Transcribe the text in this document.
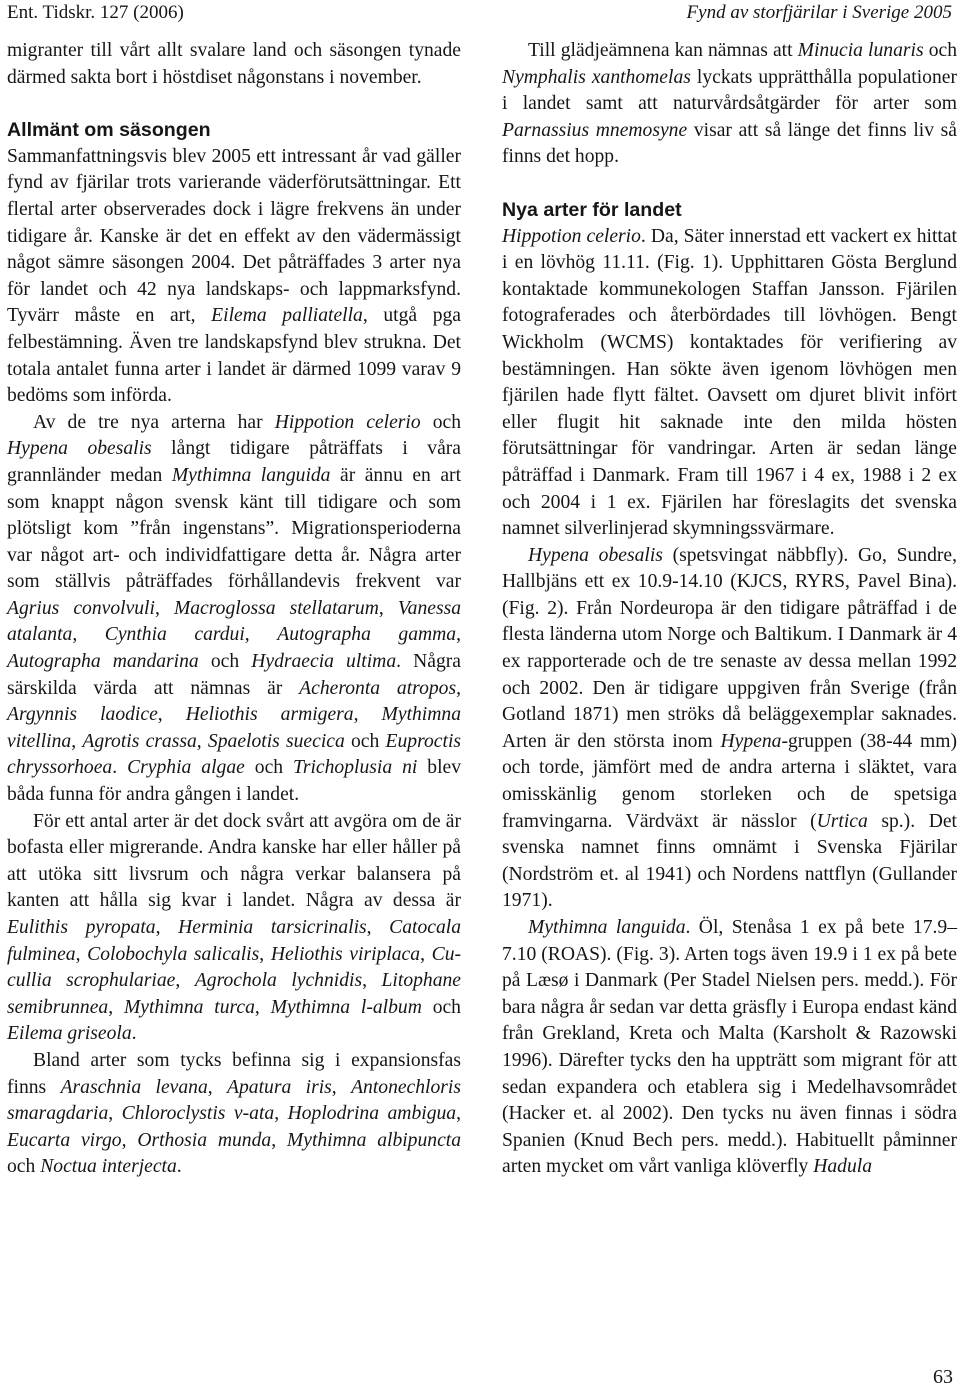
Ent. Tidskr. 127 (2006)	Fynd av storfjärilar i Sverige 2005

migranter till vårt allt svalare land och säsongen tynade därmed sakta bort i höstdiset någonstans i november.

Allmänt om säsongen

Sammanfattningsvis blev 2005 ett intressant år vad gäller fynd av fjärilar trots varierande väderförutsättningar. Ett flertal arter observerades dock i lägre frekvens än under tidigare år. Kanske är det en effekt av den vädermässigt något sämre säsongen 2004. Det påträffades 3 arter nya för landet och 42 nya landskaps- och lappmarksfynd. Tyvärr måste en art, Eilema palliatella, utgå pga felbestämning. Även tre landskapsfynd blev strukna. Det totala antalet funna arter i landet är därmed 1099 varav 9 bedöms som införda.

Av de tre nya arterna har Hippotion celerio och Hypena obesalis långt tidigare påträffats i våra grannländer medan Mythimna languida är ännu en art som knappt någon svensk känt till tidigare och som plötsligt kom ”från ingenstans”. Migrationsperioderna var något art- och individfattigare detta år. Några arter som ställvis påträffades förhållandevis frekvent var Agrius convolvuli, Macroglossa stellatarum, Vanessa atalanta, Cynthia cardui, Autographa gamma, Autographa mandarina och Hydraecia ultima. Några särskilda värda att nämnas är Acheronta atropos, Argynnis laodice, Heliothis armigera, Mythimna vitellina, Agrotis crassa, Spaelotis suecica och Euproctis chryssorhoea. Cryphia algae och Trichoplusia ni blev båda funna för andra gången i landet.

För ett antal arter är det dock svårt att avgöra om de är bofasta eller migrerande. Andra kanske har eller håller på att utöka sitt livsrum och några verkar balansera på kanten att hålla sig kvar i landet. Några av dessa är Eulithis pyropata, Herminia tarsicrinalis, Catocala fulminea, Colobochyla salicalis, Heliothis viriplaca, Cucullia scrophulariae, Agrochola lychnidis, Litophane semibrunnea, Mythimna turca, Mythimna l-album och Eilema griseola.

Bland arter som tycks befinna sig i expansionsfas finns Araschnia levana, Apatura iris, Antonechloris smaragdaria, Chloroclystis v-ata, Hoplodrina ambigua, Eucarta virgo, Orthosia munda, Mythimna albipuncta och Noctua interjecta.

Till glädjeämnena kan nämnas att Minucia lunaris och Nymphalis xanthomelas lyckats upprätthålla populationer i landet samt att naturvårdsåtgärder för arter som Parnassius mnemosyne visar att så länge det finns liv så finns det hopp.

Nya arter för landet

Hippotion celerio. Da, Säter innerstad ett vackert ex hittat i en lövhög 11.11. (Fig. 1). Upphittaren Gösta Berglund kontaktade kommunekologen Staffan Jansson. Fjärilen fotograferades och återbördades till lövhögen. Bengt Wickholm (WCMS) kontaktades för verifiering av bestämningen. Han sökte även igenom lövhögen men fjärilen hade flytt fältet. Oavsett om djuret blivit infört eller flugit hit saknade inte den milda hösten förutsättningar för vandringar. Arten är sedan länge påträffad i Danmark. Fram till 1967 i 4 ex, 1988 i 2 ex och 2004 i 1 ex. Fjärilen har föreslagits det svenska namnet silverlinjerad skymningssvärmare.

Hypena obesalis (spetsvingat näbbfly). Go, Sundre, Hallbjäns ett ex 10.9-14.10 (KJCS, RYRS, Pavel Bina). (Fig. 2). Från Nordeuropa är den tidigare påträffad i de flesta länderna utom Norge och Baltikum. I Danmark är 4 ex rapporterade och de tre senaste av dessa mellan 1992 och 2002. Den är tidigare uppgiven från Sverige (från Gotland 1871) men ströks då beläggexemplar saknades. Arten är den största inom Hypena-gruppen (38-44 mm) och torde, jämfört med de andra arterna i släktet, vara omisskänlig genom storleken och de spetsiga framvingarna. Värdväxt är nässlor (Urtica sp.). Det svenska namnet finns omnämt i Svenska Fjärilar (Nordström et. al 1941) och Nordens nattflyn (Gullander 1971).

Mythimna languida. Öl, Stenåsa 1 ex på bete 17.9–7.10 (ROAS). (Fig. 3). Arten togs även 19.9 i 1 ex på bete på Læsø i Danmark (Per Stadel Nielsen pers. medd.). För bara några år sedan var detta gräsfly i Europa endast känd från Grekland, Kreta och Malta (Karsholt & Razowski 1996). Därefter tycks den ha uppträtt som migrant för att sedan expandera och etablera sig i Medelhavsområdet (Hacker et. al 2002). Den tycks nu även finnas i södra Spanien (Knud Bech pers. medd.). Habituellt påminner arten mycket om vårt vanliga klöverfly Hadula

63
